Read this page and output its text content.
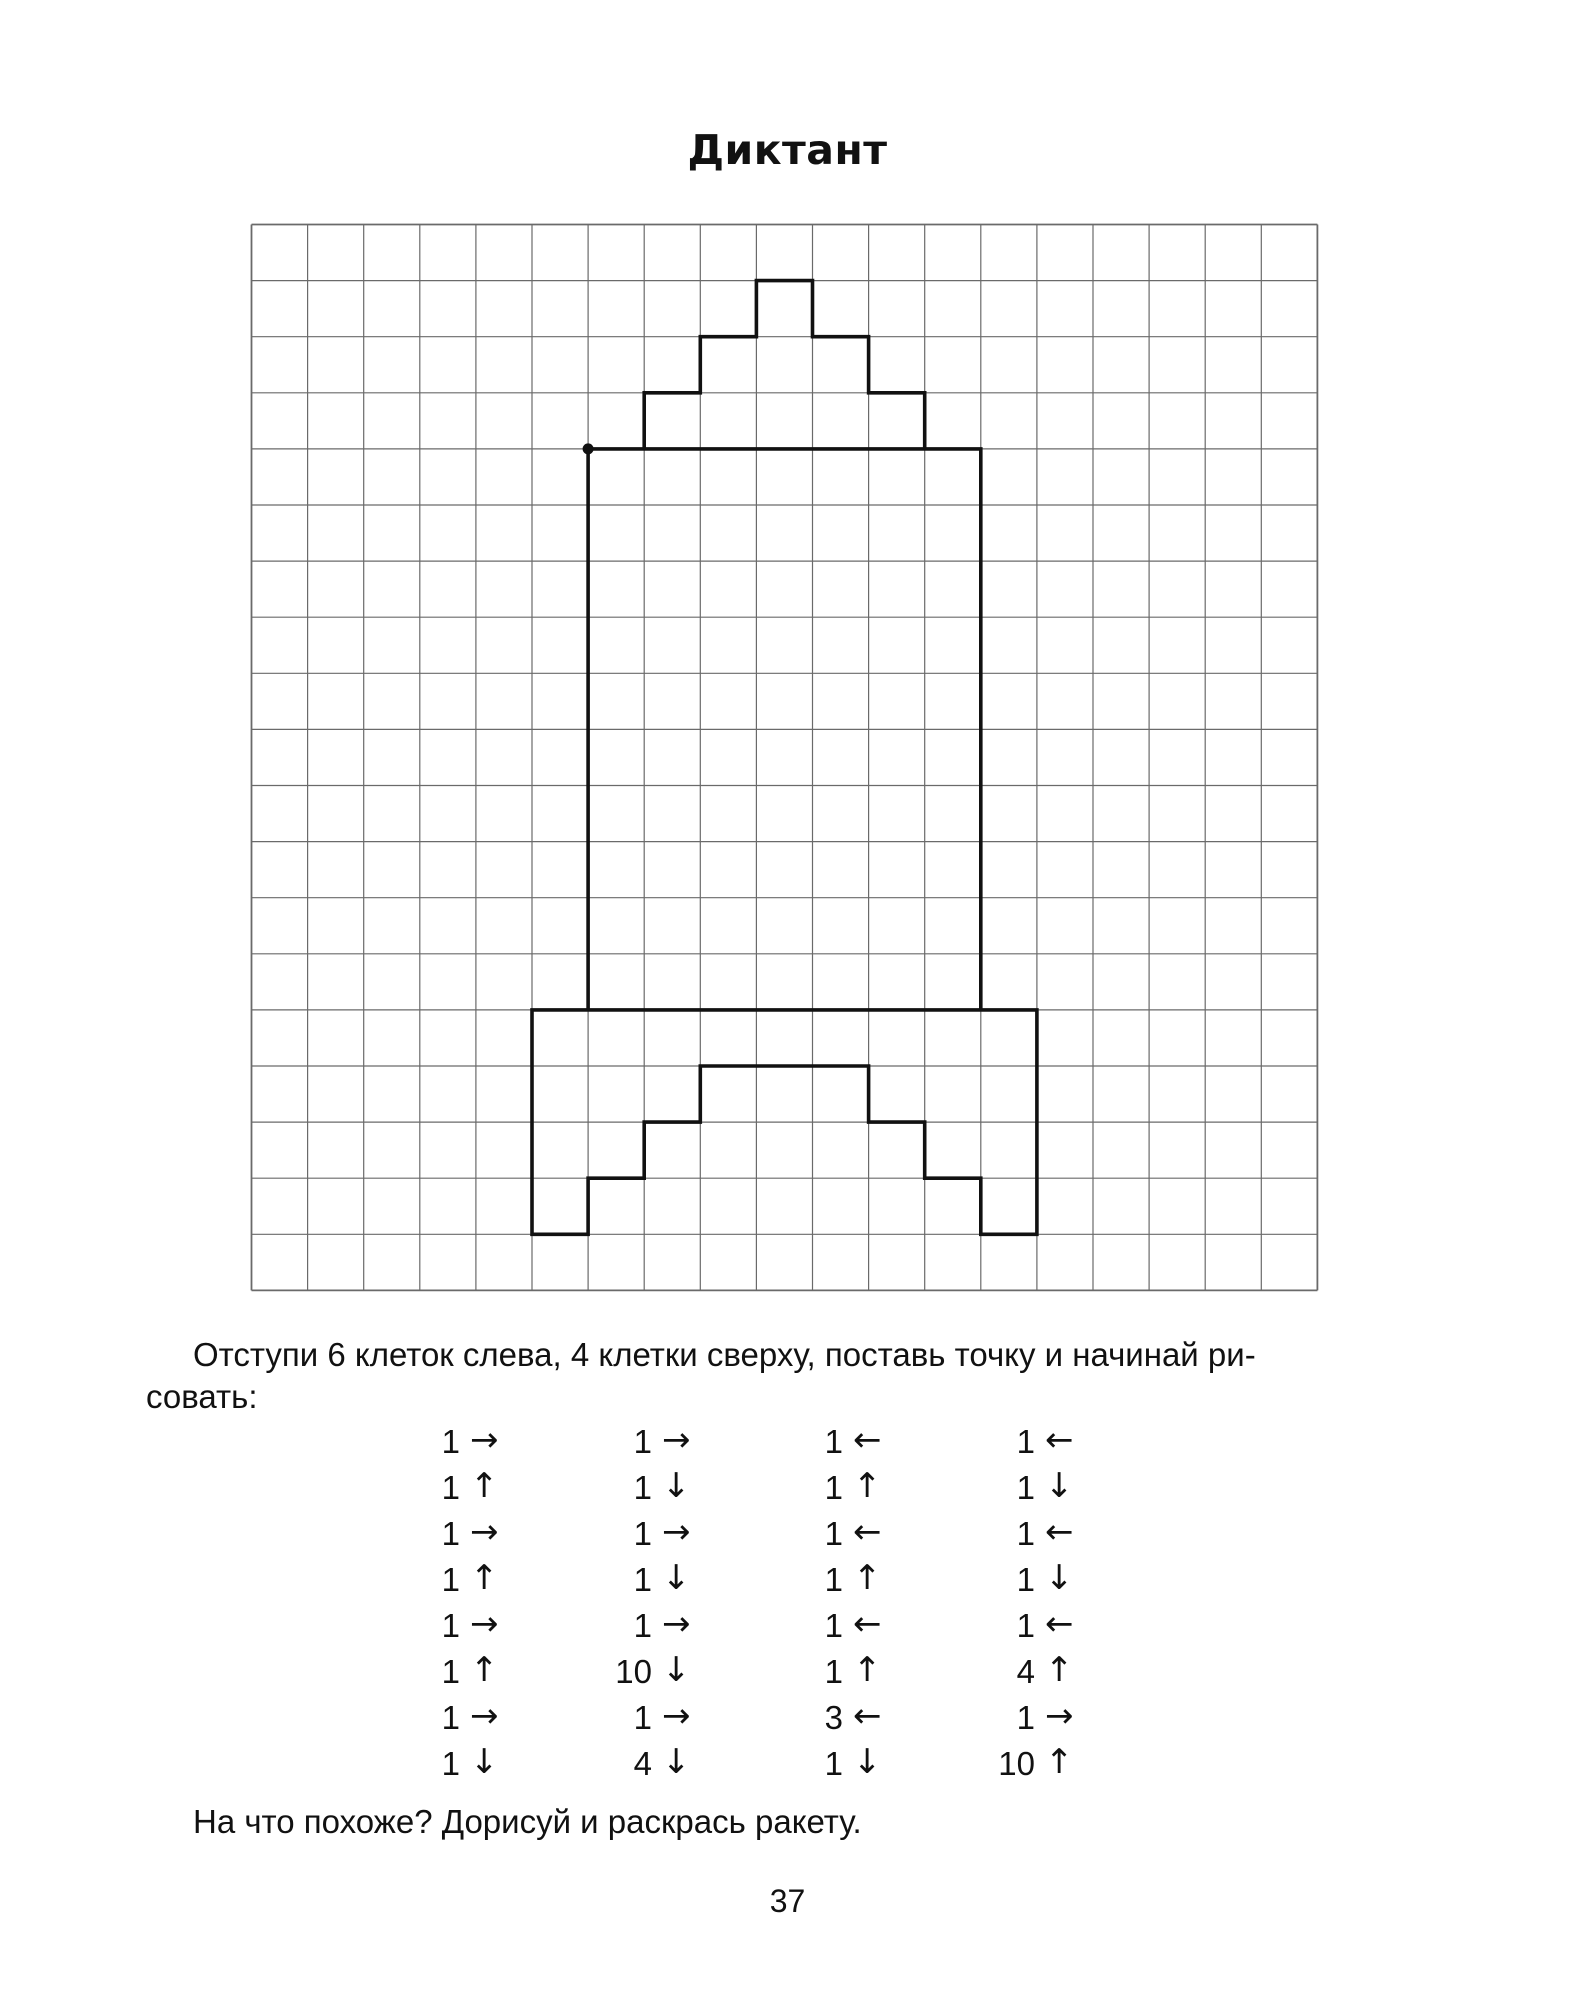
Диктант
Отступи 6 клеток слева, 4 клетки сверху, поставь точку и начинай ри-
совать:
1 →
1 ↑
1 →
1 ↑
1 →
1 ↑
1 →
1 ↓
1 →
1 ↓
1 →
1 ↓
1 →
10 ↓
1 →
4 ↓
1 ←
1 ↑
1 ←
1 ↑
1 ←
1 ↑
3 ←
1 ↓
1 ←
1 ↓
1 ←
1 ↓
1 ←
4 ↑
1 →
10 ↑
На что похоже? Дорисуй и раскрась ракету.
37
